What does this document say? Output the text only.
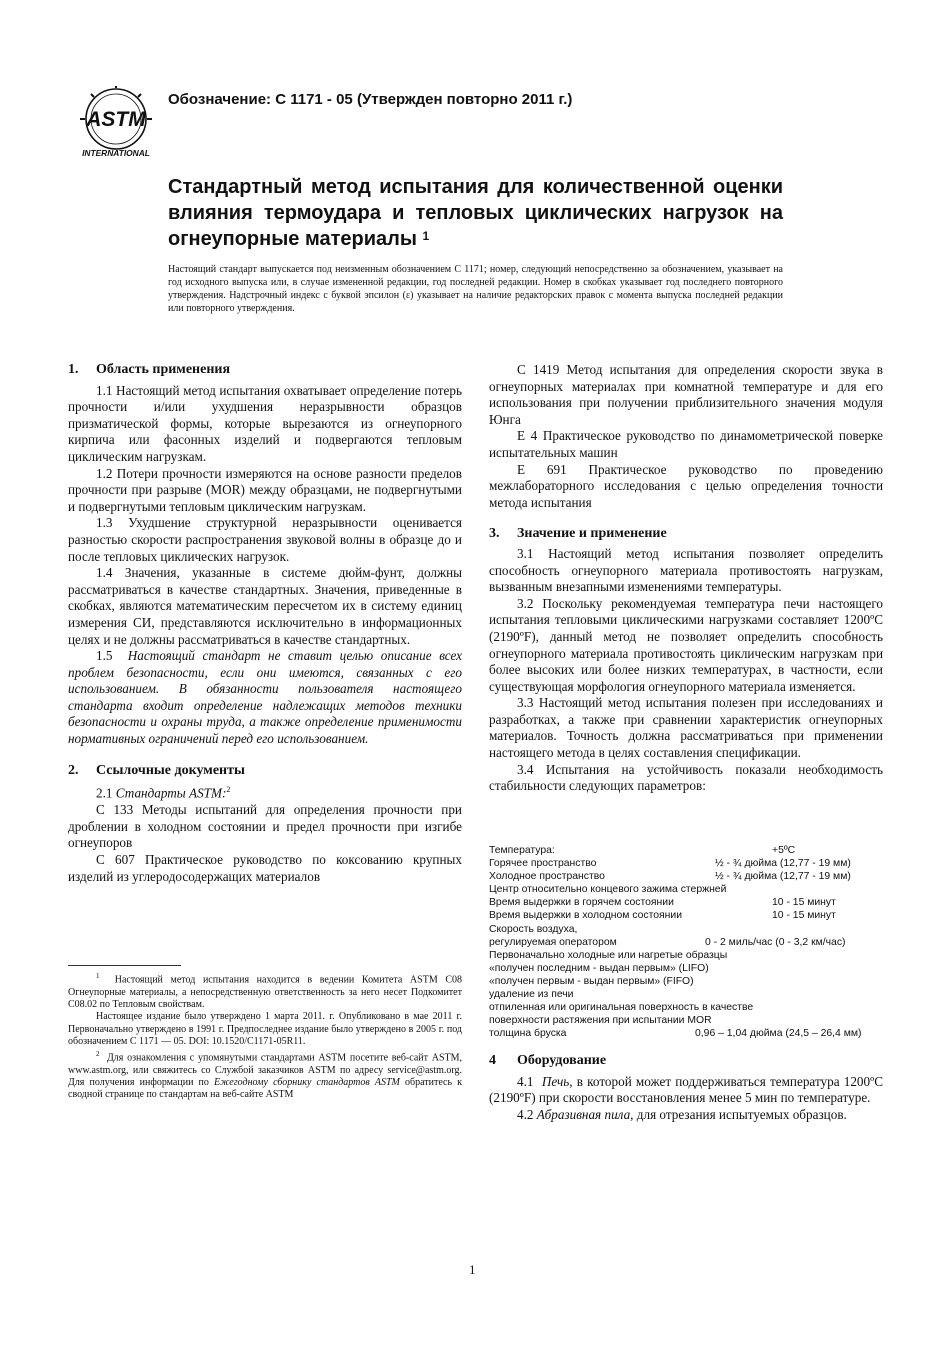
ASTM
INTERNATIONAL
Обозначение: C 1171 - 05 (Утвержден повторно 2011 г.)
Стандартный метод испытания для количественной оценки влияния термоудара и тепловых циклических нагрузок на огнеупорные материалы $^1$
Настоящий стандарт выпускается под неизменным обозначением C 1171; номер, следующий непосредственно за обозначением, указывает на год исходного выпуска или, в случае измененной редакции, год последней редакции. Номер в скобках указывает год последнего повторного утверждения. Надстрочный индекс с буквой эпсилон (ε) указывает на наличие редакторских правок с момента выпуска последней редакции или повторного утверждения.
1. Область применения

1.1 Настоящий метод испытания охватывает определение потерь прочности и/или ухудшения неразрывности образцов призматической формы, которые вырезаются из огнеупорного кирпича или фасонных изделий и подвергаются тепловым циклическим нагрузкам.

1.2 Потери прочности измеряются на основе разности пределов прочности при разрыве (MOR) между образцами, не подвергнутыми и подвергнутыми тепловым циклическим нагрузкам.

1.3 Ухудшение структурной неразрывности оценивается разностью скорости распространения звуковой волны в образце до и после тепловых циклических нагрузок.

1.4 Значения, указанные в системе дюйм-фунт, должны рассматриваться в качестве стандартных. Значения, приведенные в скобках, являются математическим пересчетом их в систему единиц измерения СИ, представляются исключительно в информационных целях и не должны рассматриваться в качестве стандартных.

1.5 Настоящий стандарт не ставит целью описание всех проблем безопасности, если они имеются, связанных с его использованием. В обязанности пользователя настоящего стандарта входит определение надлежащих методов техники безопасности и охраны труда, а также определение применимости нормативных ограничений перед его использованием.

2. Ссылочные документы

2.1 Стандарты ASTM:$^2$

C 133 Методы испытаний для определения прочности при дроблении в холодном состоянии и предел прочности при изгибе огнеупоров

C 607 Практическое руководство по коксованию крупных изделий из углеродосодержащих материалов

$^1$ Настоящий метод испытания находится в ведении Комитета ASTM C08 Огнеупорные материалы, а непосредственную ответственность за него несет Подкомитет C08.02 по Тепловым свойствам.

Настоящее издание было утверждено 1 марта 2011. г. Опубликовано в мае 2011 г. Первоначально утверждено в 1991 г. Предпоследнее издание было утверждено в 2005 г. под обозначением C 1171 — 05. DOI: 10.1520/C1171-05R11.

$^2$ Для ознакомления с упомянутыми стандартами ASTM посетите веб-сайт ASTM, www.astm.org, или свяжитесь со Службой заказчиков ASTM по адресу service@astm.org. Для получения информации по Ежегодному сборнику стандартов ASTM обратитесь к сводной странице по стандартам на веб-сайте ASTM

C 1419 Метод испытания для определения скорости звука в огнеупорных материалах при комнатной температуре и для его использования при получении приблизительного значения модуля Юнга

E 4 Практическое руководство по динамометрической поверке испытательных машин

E 691 Практическое руководство по проведению межлабораторного исследования с целью определения точности метода испытания

3. Значение и применение

3.1 Настоящий метод испытания позволяет определить способность огнеупорного материала противостоять нагрузкам, вызванным внезапными изменениями температуры.

3.2 Поскольку рекомендуемая температура печи настоящего испытания тепловыми циклическими нагрузками составляет 1200ºC (2190ºF), данный метод не позволяет определить способность огнеупорного материала противостоять циклическим нагрузкам при более высоких или более низких температурах, в частности, если существующая морфология огнеупорного материала изменяется.

3.3 Настоящий метод испытания полезен при исследованиях и разработках, а также при сравнении характеристик огнеупорных материалов. Точность должна рассматриваться при применении настоящего метода в целях составления спецификации.

3.4 Испытания на устойчивость показали необходимость стабильности следующих параметров:

Температура:	+5ºC
Горячее пространство	½ - ¾ дюйма (12,77 - 19 мм)
Холодное пространство	½ - ¾ дюйма (12,77 - 19 мм)
Центр относительно концевого зажима стержней
Время выдержки в горячем состоянии	10 - 15 минут
Время выдержки в холодном состоянии	10 - 15 минут
Скорость воздуха,
регулируемая оператором	0 - 2 миль/час (0 - 3,2 км/час)
Первоначально холодные или нагретые образцы
«получен последним - выдан первым» (LIFO)
«получен первым - выдан первым» (FIFO)
удаление из печи
отпиленная или оригинальная поверхность в качестве
поверхности растяжения при испытании MOR
толщина бруска	0,96 – 1,04 дюйма (24,5 – 26,4 мм)
4 Оборудование

4.1 Печь, в которой может поддерживаться температура 1200ºC (2190ºF) при скорости восстановления менее 5 мин по температуре.

4.2 Абразивная пила, для отрезания испытуемых образцов.

1
